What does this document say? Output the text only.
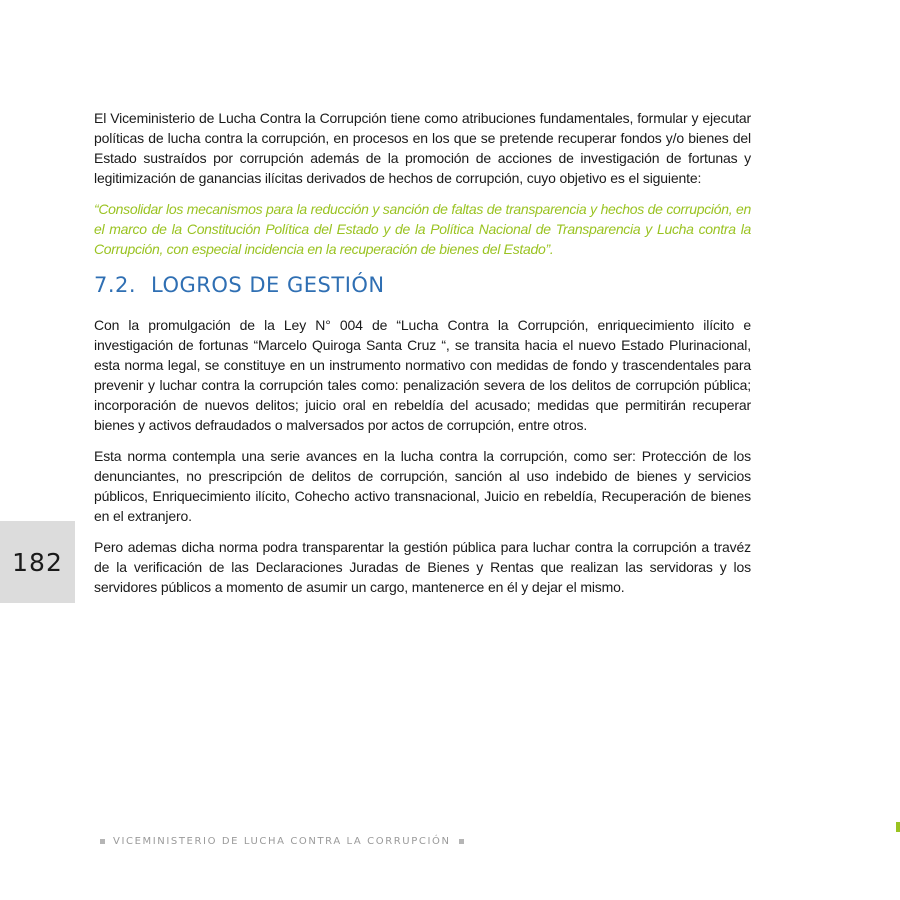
El Viceministerio de Lucha Contra la Corrupción tiene como atribuciones fundamentales, formular y ejecutar políticas de lucha contra la corrupción, en procesos en los que se pretende recuperar fondos y/o bienes del Estado sustraídos por corrupción además de la promoción de acciones de investigación de fortunas y legitimización de ganancias ilícitas derivados de hechos de corrupción, cuyo objetivo es el siguiente:

“Consolidar los mecanismos para la reducción y sanción de faltas de transparencia y hechos de corrupción, en el marco de la Constitución Política del Estado y de la Política Nacional de Transparencia y Lucha contra la Corrupción, con especial incidencia en la recuperación de bienes del Estado”.

7.2. LOGROS DE GESTIÓN

Con la promulgación de la Ley N° 004 de “Lucha Contra la Corrupción, enriquecimiento ilícito e investigación de fortunas “Marcelo Quiroga Santa Cruz “, se transita hacia el nuevo Estado Plurinacional, esta norma legal, se constituye en un instrumento normativo con medidas de fondo y trascendentales para prevenir y luchar contra la corrupción tales como: penalización severa de los delitos de corrupción pública; incorporación de nuevos delitos; juicio oral en rebeldía del acusado; medidas que permitirán recuperar bienes y activos defraudados o malversados por actos de corrupción, entre otros.

Esta norma contempla una serie avances en la lucha contra la corrupción, como ser: Protección de los denunciantes, no prescripción de delitos de corrupción, sanción al uso indebido de bienes y servicios públicos, Enriquecimiento ilícito, Cohecho activo transnacional, Juicio en rebeldía, Recuperación de bienes en el extranjero.

Pero ademas dicha norma podra transparentar la gestión pública para luchar contra la corrupción a travéz de la verificación de las Declaraciones Juradas de Bienes y Rentas que realizan las servidoras y los servidores públicos a momento de asumir un cargo, mantenerce en él y dejar el mismo.

182
VICEMINISTERIO DE LUCHA CONTRA LA CORRUPCIÓN
